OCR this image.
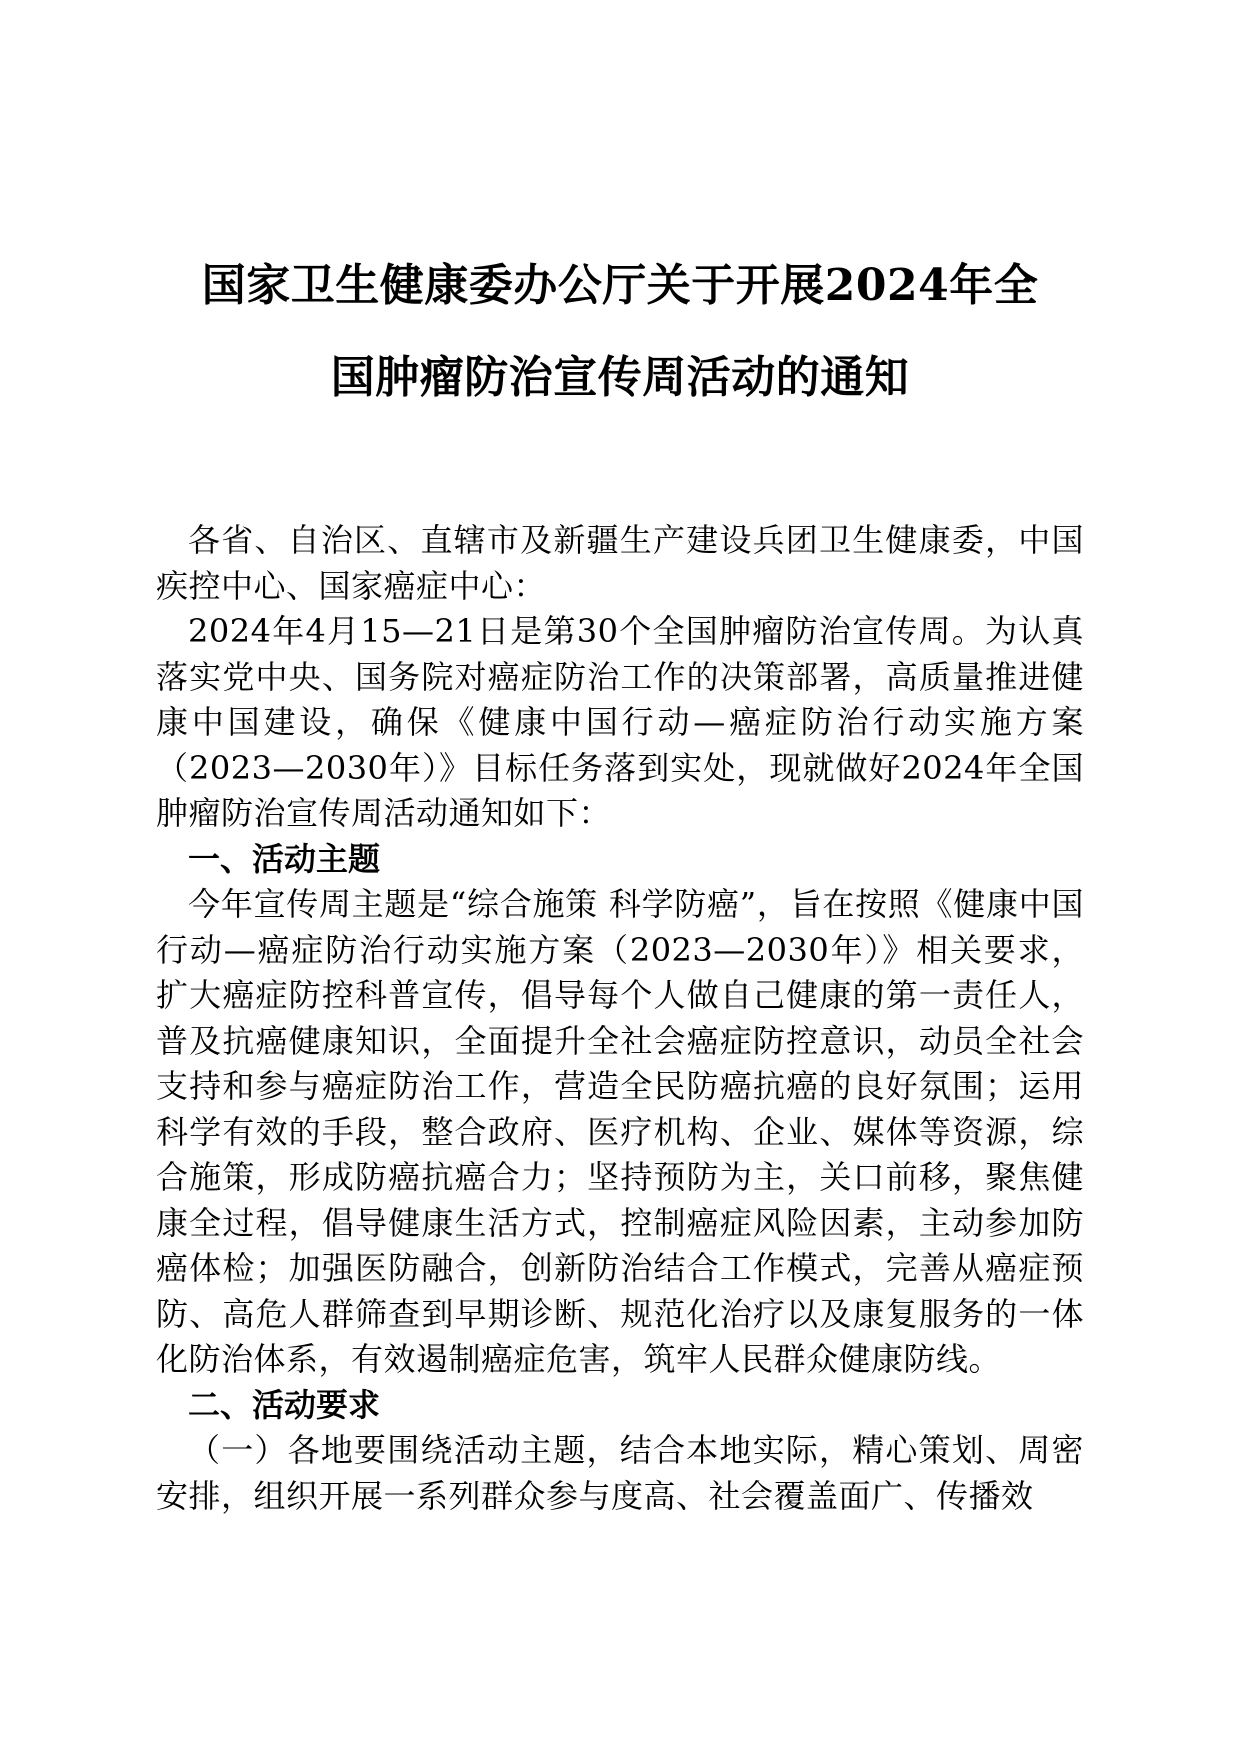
国家卫生健康委办公厅关于开展2024年全
国肿瘤防治宣传周活动的通知

各省、自治区、直辖市及新疆生产建设兵团卫生健康委，中国疾控中心、国家癌症中心：

2024年4月15—21日是第30个全国肿瘤防治宣传周。为认真落实党中央、国务院对癌症防治工作的决策部署，高质量推进健康中国建设，确保《健康中国行动—癌症防治行动实施方案（2023—2030年）》目标任务落到实处，现就做好2024年全国肿瘤防治宣传周活动通知如下：

一、活动主题

今年宣传周主题是“综合施策 科学防癌”，旨在按照《健康中国行动—癌症防治行动实施方案（2023—2030年）》相关要求，扩大癌症防控科普宣传，倡导每个人做自己健康的第一责任人，普及抗癌健康知识，全面提升全社会癌症防控意识，动员全社会支持和参与癌症防治工作，营造全民防癌抗癌的良好氛围；运用科学有效的手段，整合政府、医疗机构、企业、媒体等资源，综合施策，形成防癌抗癌合力；坚持预防为主，关口前移，聚焦健康全过程，倡导健康生活方式，控制癌症风险因素，主动参加防癌体检；加强医防融合，创新防治结合工作模式，完善从癌症预防、高危人群筛查到早期诊断、规范化治疗以及康复服务的一体化防治体系，有效遏制癌症危害，筑牢人民群众健康防线。

二、活动要求

（一）各地要围绕活动主题，结合本地实际，精心策划、周密安排，组织开展一系列群众参与度高、社会覆盖面广、传播效
